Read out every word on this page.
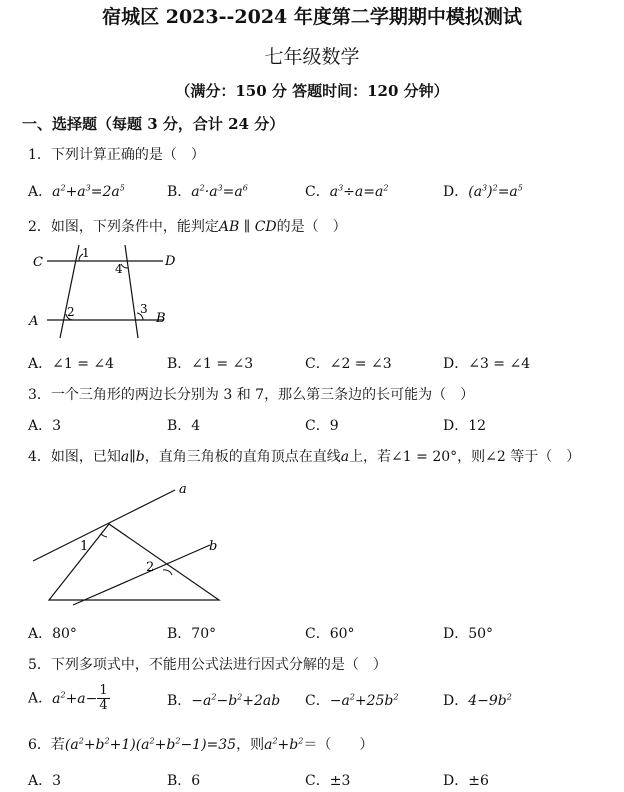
宿城区 2023--2024 年度第二学期期中模拟测试
七年级数学
（满分：150 分 答题时间：120 分钟）
一、选择题（每题 3 分，合计 24 分）
1．下列计算正确的是（　）
A．$a^2+a^3=2a^5$	B．$a^2\cdot a^3=a^6$	C．$a^3\div a=a^2$	D．$(a^3)^2=a^5$
2．如图，下列条件中，能判定AB ∥ CD的是（　）
C	D
A	B
1
4
2	3
A．∠1 = ∠4	B．∠1 = ∠3	C．∠2 = ∠3	D．∠3 = ∠4
3．一个三角形的两边长分别为 3 和 7，那么第三条边的长可能为（　）
A．3	B．4	C．9	D．12
4．如图，已知a∥b，直角三角板的直角顶点在直线a上，若∠1 = 20°，则∠2 等于（　）
a
b
1
2
A．80°	B．70°	C．60°	D．50°
5．下列多项式中，不能用公式法进行因式分解的是（　）
A．$a^2+a- \frac{1}{4}$	B．$-a^2-b^2+2ab$ C．$-a^2+25b^2$	D．$4-9b^2$
6．若$(a^2+b^2+1)(a^2+b^2-1)=35$，则$a^2+b^2=$（　　）
A．3	B．6	C．±3	D．±6
